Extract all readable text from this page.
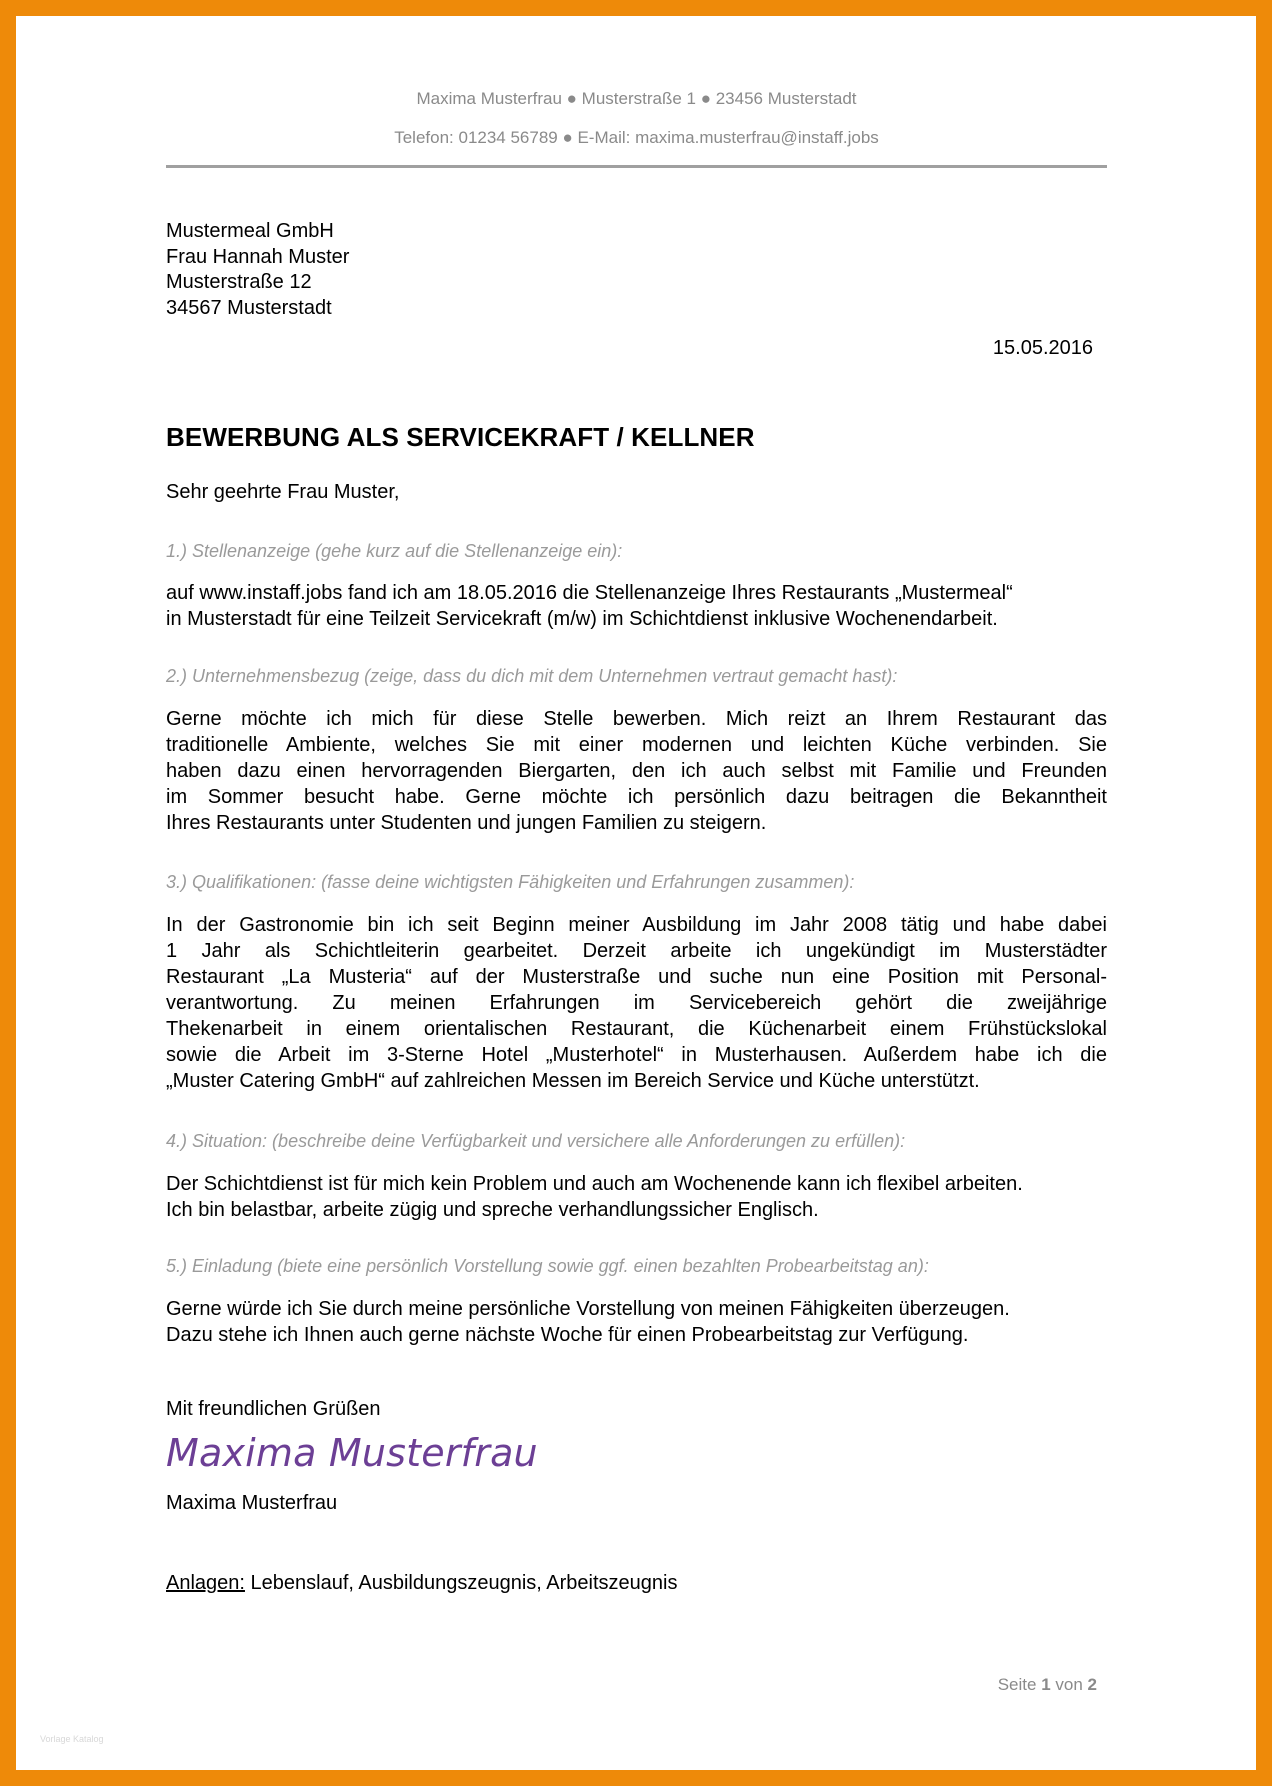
Maxima Musterfrau ● Musterstraße 1 ● 23456 Musterstadt
Telefon: 01234 56789 ● E-Mail: maxima.musterfrau@instaff.jobs
Mustermeal GmbH
Frau Hannah Muster
Musterstraße 12
34567 Musterstadt
15.05.2016
BEWERBUNG ALS SERVICEKRAFT / KELLNER
Sehr geehrte Frau Muster,
1.) Stellenanzeige (gehe kurz auf die Stellenanzeige ein):
auf www.instaff.jobs fand ich am 18.05.2016 die Stellenanzeige Ihres Restaurants „Mustermeal“
in Musterstadt für eine Teilzeit Servicekraft (m/w) im Schichtdienst inklusive Wochenendarbeit.
2.) Unternehmensbezug (zeige, dass du dich mit dem Unternehmen vertraut gemacht hast):
Gerne möchte ich mich für diese Stelle bewerben. Mich reizt an Ihrem Restaurant das
traditionelle Ambiente, welches Sie mit einer modernen und leichten Küche verbinden. Sie
haben dazu einen hervorragenden Biergarten, den ich auch selbst mit Familie und Freunden
im Sommer besucht habe. Gerne möchte ich persönlich dazu beitragen die Bekanntheit
Ihres Restaurants unter Studenten und jungen Familien zu steigern.
3.) Qualifikationen: (fasse deine wichtigsten Fähigkeiten und Erfahrungen zusammen):
In der Gastronomie bin ich seit Beginn meiner Ausbildung im Jahr 2008 tätig und habe dabei
1 Jahr als Schichtleiterin gearbeitet. Derzeit arbeite ich ungekündigt im Musterstädter
Restaurant „La Musteria“ auf der Musterstraße und suche nun eine Position mit Personal-
verantwortung. Zu meinen Erfahrungen im Servicebereich gehört die zweijährige
Thekenarbeit in einem orientalischen Restaurant, die Küchenarbeit einem Frühstückslokal
sowie die Arbeit im 3-Sterne Hotel „Musterhotel“ in Musterhausen. Außerdem habe ich die
„Muster Catering GmbH“ auf zahlreichen Messen im Bereich Service und Küche unterstützt.
4.) Situation: (beschreibe deine Verfügbarkeit und versichere alle Anforderungen zu erfüllen):
Der Schichtdienst ist für mich kein Problem und auch am Wochenende kann ich flexibel arbeiten.
Ich bin belastbar, arbeite zügig und spreche verhandlungssicher Englisch.
5.) Einladung (biete eine persönlich Vorstellung sowie ggf. einen bezahlten Probearbeitstag an):
Gerne würde ich Sie durch meine persönliche Vorstellung von meinen Fähigkeiten überzeugen.
Dazu stehe ich Ihnen auch gerne nächste Woche für einen Probearbeitstag zur Verfügung.
Mit freundlichen Grüßen
Maxima Musterfrau
Maxima Musterfrau
Anlagen: Lebenslauf, Ausbildungszeugnis, Arbeitszeugnis
Seite 1 von 2
Vorlage Katalog
